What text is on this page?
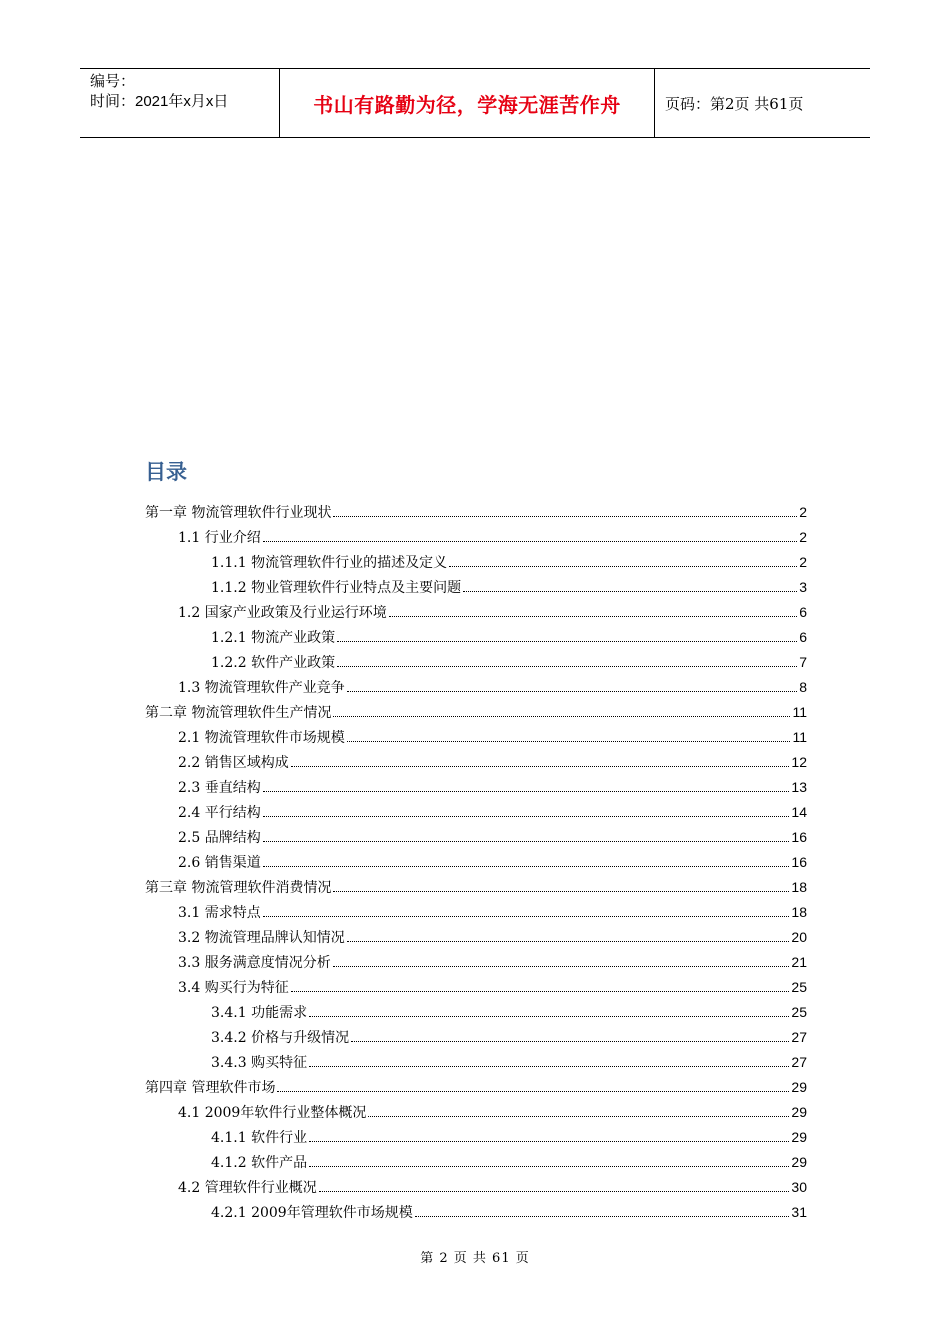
编号：
时间：2021年x月x日	书山有路勤为径，学海无涯苦作舟	页码：第2页 共61页
目录
第一章 物流管理软件行业现状	2
1.1 行业介绍	2
1.1.1 物流管理软件行业的描述及定义	2
1.1.2 物业管理软件行业特点及主要问题	3
1.2 国家产业政策及行业运行环境	6
1.2.1 物流产业政策	6
1.2.2 软件产业政策	7
1.3 物流管理软件产业竞争	8
第二章 物流管理软件生产情况	11
2.1 物流管理软件市场规模	11
2.2 销售区域构成	12
2.3 垂直结构	13
2.4 平行结构	14
2.5 品牌结构	16
2.6 销售渠道	16
第三章 物流管理软件消费情况	18
3.1 需求特点	18
3.2 物流管理品牌认知情况	20
3.3 服务满意度情况分析	21
3.4 购买行为特征	25
3.4.1 功能需求	25
3.4.2 价格与升级情况	27
3.4.3 购买特征	27
第四章 管理软件市场	29
4.1 2009年软件行业整体概况	29
4.1.1 软件行业	29
4.1.2 软件产品	29
4.2 管理软件行业概况	30
4.2.1 2009年管理软件市场规模	31
第 2 页 共 61 页
